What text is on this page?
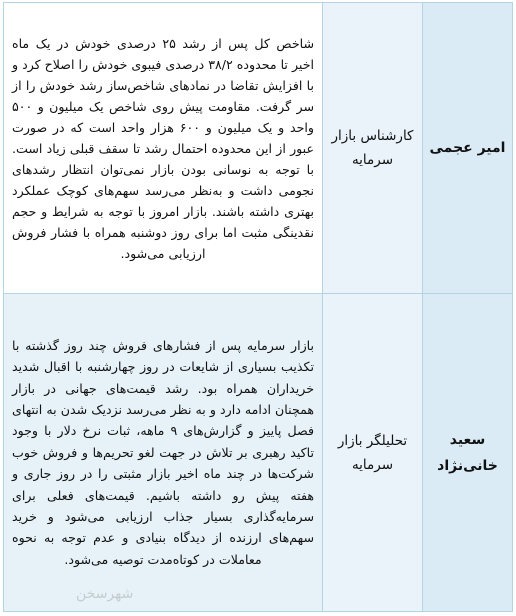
امیر عجمی
کارشناس بازار سرمایه
شاخص کل پس از رشد ۲۵ درصدی خودش در یک ماه اخیر تا محدوده ۳۸/۲ درصدی فیبوی خودش را اصلاح کرد و با افزایش تقاضا در نمادهای شاخص‌ساز رشد خودش را از سر گرفت. مقاومت پیش روی شاخص یک میلیون و ۵۰۰ واحد و یک میلیون و ۶۰۰ هزار واحد است که در صورت عبور از این محدوده احتمال رشد تا سقف قبلی زیاد است. با توجه به نوسانی بودن بازار نمی‌توان انتظار رشدهای نجومی داشت و به‌نظر می‌رسد سهم‌های کوچک عملکرد بهتری داشته باشند. بازار امروز با توجه به شرایط و حجم نقدینگی مثبت اما برای روز دوشنبه همراه با فشار فروش ارزیابی می‌شود.
سعید خانی‌نژاد
تحلیلگر بازار سرمایه
بازار سرمایه پس از فشارهای فروش چند روز گذشته با تکذیب بسیاری از شایعات در روز چهارشنبه با اقبال شدید خریداران همراه بود. رشد قیمت‌های جهانی در بازار همچنان ادامه دارد و به نظر می‌رسد نزدیک شدن به انتهای فصل پاییز و گزارش‌های ۹ ماهه، ثبات نرخ دلار با وجود تاکید رهبری بر تلاش در جهت لغو تحریم‌ها و فروش خوب شرکت‌ها در چند ماه اخیر بازار مثبتی را در روز جاری و هفته پیش رو داشته باشیم. قیمت‌های فعلی برای سرمایه‌گذاری بسیار جذاب ارزیابی می‌شود و خرید سهم‌های ارزنده از دیدگاه بنیادی و عدم توجه به نحوه معاملات در کوتاه‌مدت توصیه می‌شود.
شهرسخن
